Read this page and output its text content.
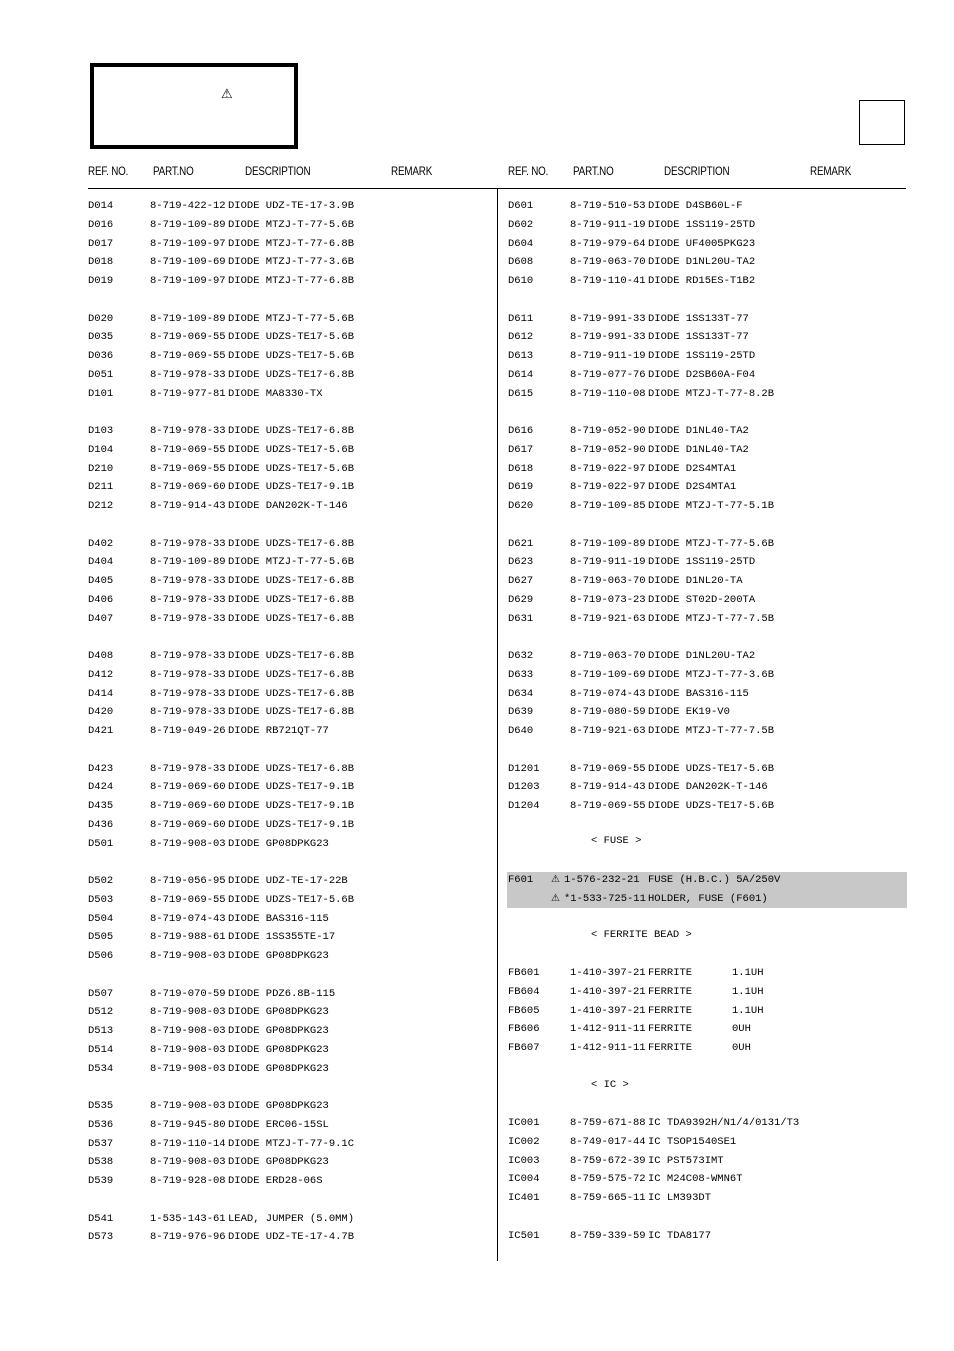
⚠
REF. NO. PART.NO	DESCRIPTION	REMARK	REF. NO. PART.NO	DESCRIPTION	REMARK
D014	8-719-422-12 DIODE UDZ-TE-17-3.9B
D016	8-719-109-89 DIODE MTZJ-T-77-5.6B
D017	8-719-109-97 DIODE MTZJ-T-77-6.8B
D018	8-719-109-69 DIODE MTZJ-T-77-3.6B
D019	8-719-109-97 DIODE MTZJ-T-77-6.8B
D020	8-719-109-89 DIODE MTZJ-T-77-5.6B
D035	8-719-069-55 DIODE UDZS-TE17-5.6B
D036	8-719-069-55 DIODE UDZS-TE17-5.6B
D051	8-719-978-33 DIODE UDZS-TE17-6.8B
D101	8-719-977-81 DIODE MA8330-TX
D103	8-719-978-33 DIODE UDZS-TE17-6.8B
D104	8-719-069-55 DIODE UDZS-TE17-5.6B
D210	8-719-069-55 DIODE UDZS-TE17-5.6B
D211	8-719-069-60 DIODE UDZS-TE17-9.1B
D212	8-719-914-43 DIODE DAN202K-T-146
D402	8-719-978-33 DIODE UDZS-TE17-6.8B
D404	8-719-109-89 DIODE MTZJ-T-77-5.6B
D405	8-719-978-33 DIODE UDZS-TE17-6.8B
D406	8-719-978-33 DIODE UDZS-TE17-6.8B
D407	8-719-978-33 DIODE UDZS-TE17-6.8B
D408	8-719-978-33 DIODE UDZS-TE17-6.8B
D412	8-719-978-33 DIODE UDZS-TE17-6.8B
D414	8-719-978-33 DIODE UDZS-TE17-6.8B
D420	8-719-978-33 DIODE UDZS-TE17-6.8B
D421	8-719-049-26 DIODE RB721QT-77
D423	8-719-978-33 DIODE UDZS-TE17-6.8B
D424	8-719-069-60 DIODE UDZS-TE17-9.1B
D435	8-719-069-60 DIODE UDZS-TE17-9.1B
D436	8-719-069-60 DIODE UDZS-TE17-9.1B
D501	8-719-908-03 DIODE GP08DPKG23
D502	8-719-056-95 DIODE UDZ-TE-17-22B
D503	8-719-069-55 DIODE UDZS-TE17-5.6B
D504	8-719-074-43 DIODE BAS316-115
D505	8-719-988-61 DIODE 1SS355TE-17
D506	8-719-908-03 DIODE GP08DPKG23
D507	8-719-070-59 DIODE PDZ6.8B-115
D512	8-719-908-03 DIODE GP08DPKG23
D513	8-719-908-03 DIODE GP08DPKG23
D514	8-719-908-03 DIODE GP08DPKG23
D534	8-719-908-03 DIODE GP08DPKG23
D535	8-719-908-03 DIODE GP08DPKG23
D536	8-719-945-80 DIODE ERC06-15SL
D537	8-719-110-14 DIODE MTZJ-T-77-9.1C
D538	8-719-908-03 DIODE GP08DPKG23
D539	8-719-928-08 DIODE ERD28-06S
D541	1-535-143-61 LEAD, JUMPER (5.0MM)
D573	8-719-976-96 DIODE UDZ-TE-17-4.7B
D601	8-719-510-53 DIODE D4SB60L-F
D602	8-719-911-19 DIODE 1SS119-25TD
D604	8-719-979-64 DIODE UF4005PKG23
D608	8-719-063-70 DIODE D1NL20U-TA2
D610	8-719-110-41 DIODE RD15ES-T1B2
D611	8-719-991-33 DIODE 1SS133T-77
D612	8-719-991-33 DIODE 1SS133T-77
D613	8-719-911-19 DIODE 1SS119-25TD
D614	8-719-077-76 DIODE D2SB60A-F04
D615	8-719-110-08 DIODE MTZJ-T-77-8.2B
D616	8-719-052-90 DIODE D1NL40-TA2
D617	8-719-052-90 DIODE D1NL40-TA2
D618	8-719-022-97 DIODE D2S4MTA1
D619	8-719-022-97 DIODE D2S4MTA1
D620	8-719-109-85 DIODE MTZJ-T-77-5.1B
D621	8-719-109-89 DIODE MTZJ-T-77-5.6B
D623	8-719-911-19 DIODE 1SS119-25TD
D627	8-719-063-70 DIODE D1NL20-TA
D629	8-719-073-23 DIODE ST02D-200TA
D631	8-719-921-63 DIODE MTZJ-T-77-7.5B
D632	8-719-063-70 DIODE D1NL20U-TA2
D633	8-719-109-69 DIODE MTZJ-T-77-3.6B
D634	8-719-074-43 DIODE BAS316-115
D639	8-719-080-59 DIODE EK19-V0
D640	8-719-921-63 DIODE MTZJ-T-77-7.5B
D1201	8-719-069-55 DIODE UDZS-TE17-5.6B
D1203	8-719-914-43 DIODE DAN202K-T-146
D1204	8-719-069-55 DIODE UDZS-TE17-5.6B
F601 ⚠ 1-576-232-21 FUSE (H.B.C.) 5A/250V
⚠ *1-533-725-11 HOLDER, FUSE (F601)
FB601	1-410-397-21 FERRITE	1.1UH
FB604	1-410-397-21 FERRITE	1.1UH
FB605	1-410-397-21 FERRITE	1.1UH
FB606	1-412-911-11 FERRITE	0UH
FB607	1-412-911-11 FERRITE	0UH
IC001	8-759-671-88 IC TDA9392H/N1/4/0131/T3
IC002	8-749-017-44 IC TSOP1540SE1
IC003	8-759-672-39 IC PST573IMT
IC004	8-759-575-72 IC M24C08-WMN6T
IC401	8-759-665-11 IC LM393DT
IC501	8-759-339-59 IC TDA8177
< FUSE >
< FERRITE BEAD >
< IC >
